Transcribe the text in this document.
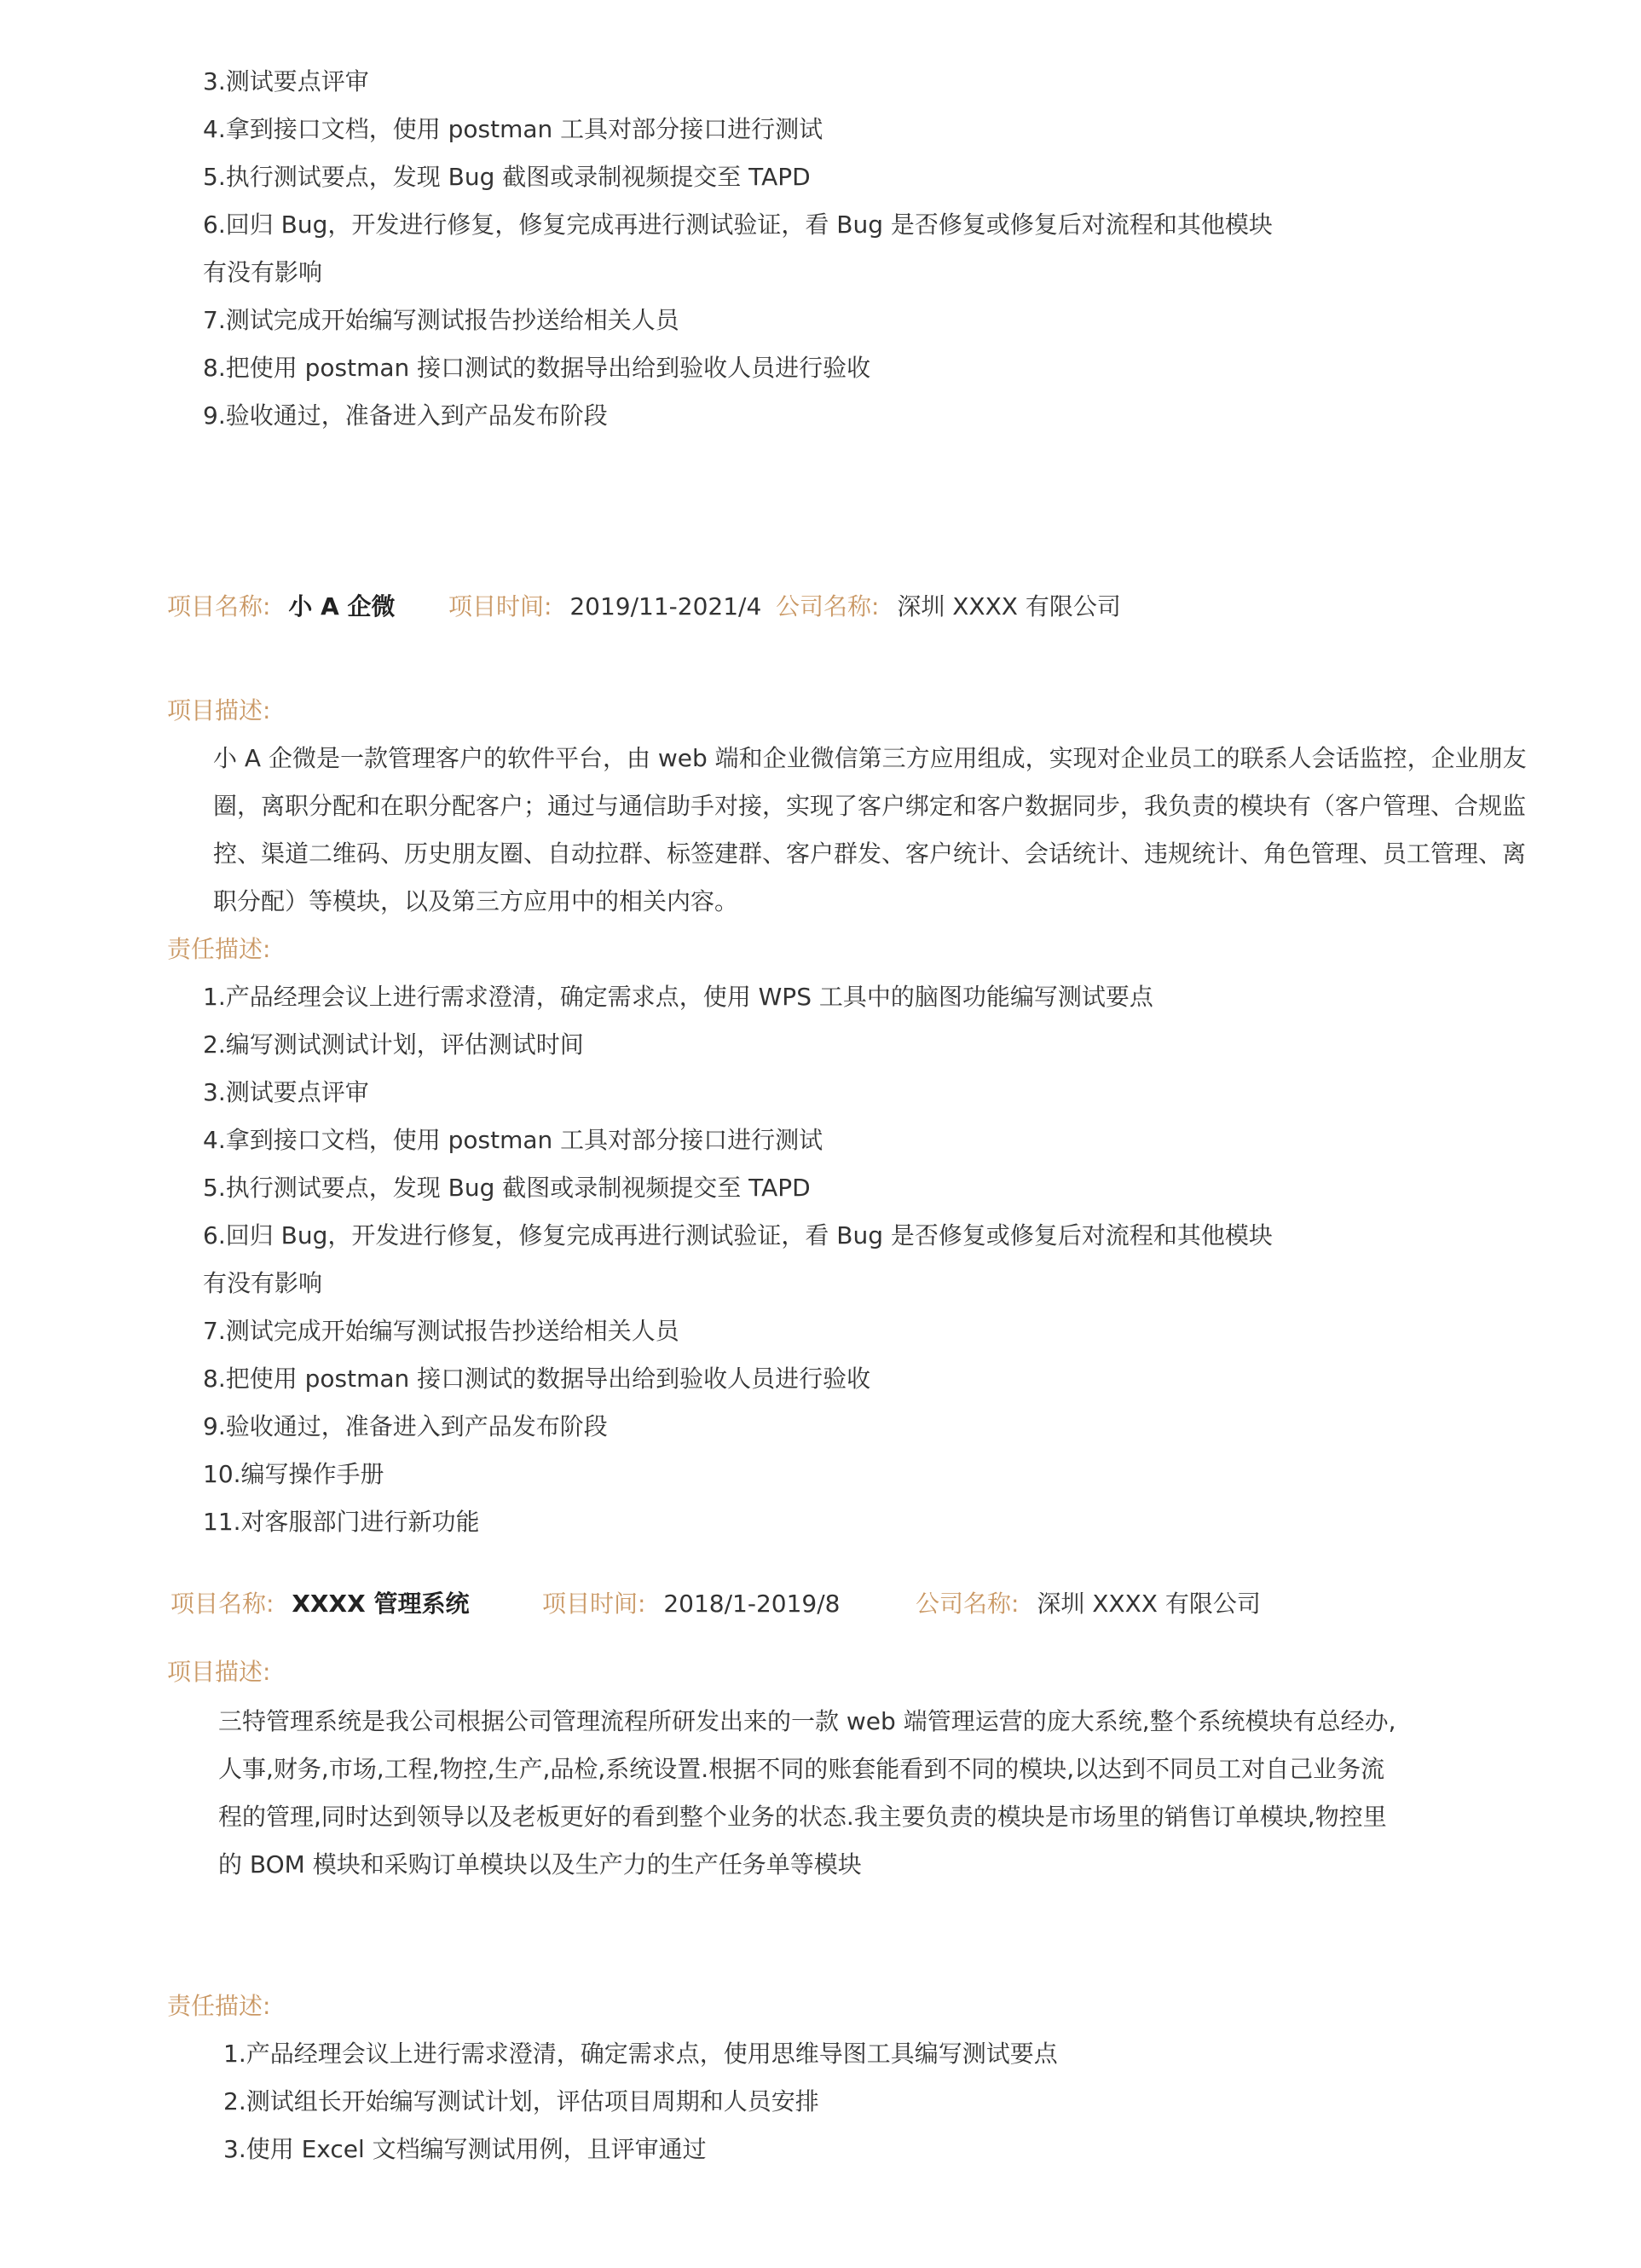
3.测试要点评审
4.拿到接口文档，使用 postman 工具对部分接口进行测试
5.执行测试要点，发现 Bug 截图或录制视频提交至 TAPD
6.回归 Bug，开发进行修复，修复完成再进行测试验证，看 Bug 是否修复或修复后对流程和其他模块
有没有影响
7.测试完成开始编写测试报告抄送给相关人员
8.把使用 postman 接口测试的数据导出给到验收人员进行验收
9.验收通过，准备进入到产品发布阶段
项目名称: 小 A 企微 项目时间: 2019/11-2021/4 公司名称: 深圳 XXXX 有限公司
项目描述:
小 A 企微是一款管理客户的软件平台，由 web 端和企业微信第三方应用组成，实现对企业员工的联系人会话监控，企业朋友
圈，离职分配和在职分配客户；通过与通信助手对接，实现了客户绑定和客户数据同步，我负责的模块有（客户管理、合规监
控、渠道二维码、历史朋友圈、自动拉群、标签建群、客户群发、客户统计、会话统计、违规统计、角色管理、员工管理、离
职分配）等模块，以及第三方应用中的相关内容。
责任描述:
1.产品经理会议上进行需求澄清，确定需求点，使用 WPS 工具中的脑图功能编写测试要点
2.编写测试测试计划，评估测试时间
3.测试要点评审
4.拿到接口文档，使用 postman 工具对部分接口进行测试
5.执行测试要点，发现 Bug 截图或录制视频提交至 TAPD
6.回归 Bug，开发进行修复，修复完成再进行测试验证，看 Bug 是否修复或修复后对流程和其他模块
有没有影响
7.测试完成开始编写测试报告抄送给相关人员
8.把使用 postman 接口测试的数据导出给到验收人员进行验收
9.验收通过，准备进入到产品发布阶段
10.编写操作手册
11.对客服部门进行新功能
项目名称: XXXX 管理系统	项目时间: 2018/1-2019/8	公司名称: 深圳 XXXX 有限公司
项目描述:
三特管理系统是我公司根据公司管理流程所研发出来的一款 web 端管理运营的庞大系统,整个系统模块有总经办,
人事,财务,市场,工程,物控,生产,品检,系统设置.根据不同的账套能看到不同的模块,以达到不同员工对自己业务流
程的管理,同时达到领导以及老板更好的看到整个业务的状态.我主要负责的模块是市场里的销售订单模块,物控里
的 BOM 模块和采购订单模块以及生产力的生产任务单等模块
责任描述:
1.产品经理会议上进行需求澄清，确定需求点，使用思维导图工具编写测试要点
2.测试组长开始编写测试计划，评估项目周期和人员安排
3.使用 Excel 文档编写测试用例，且评审通过
